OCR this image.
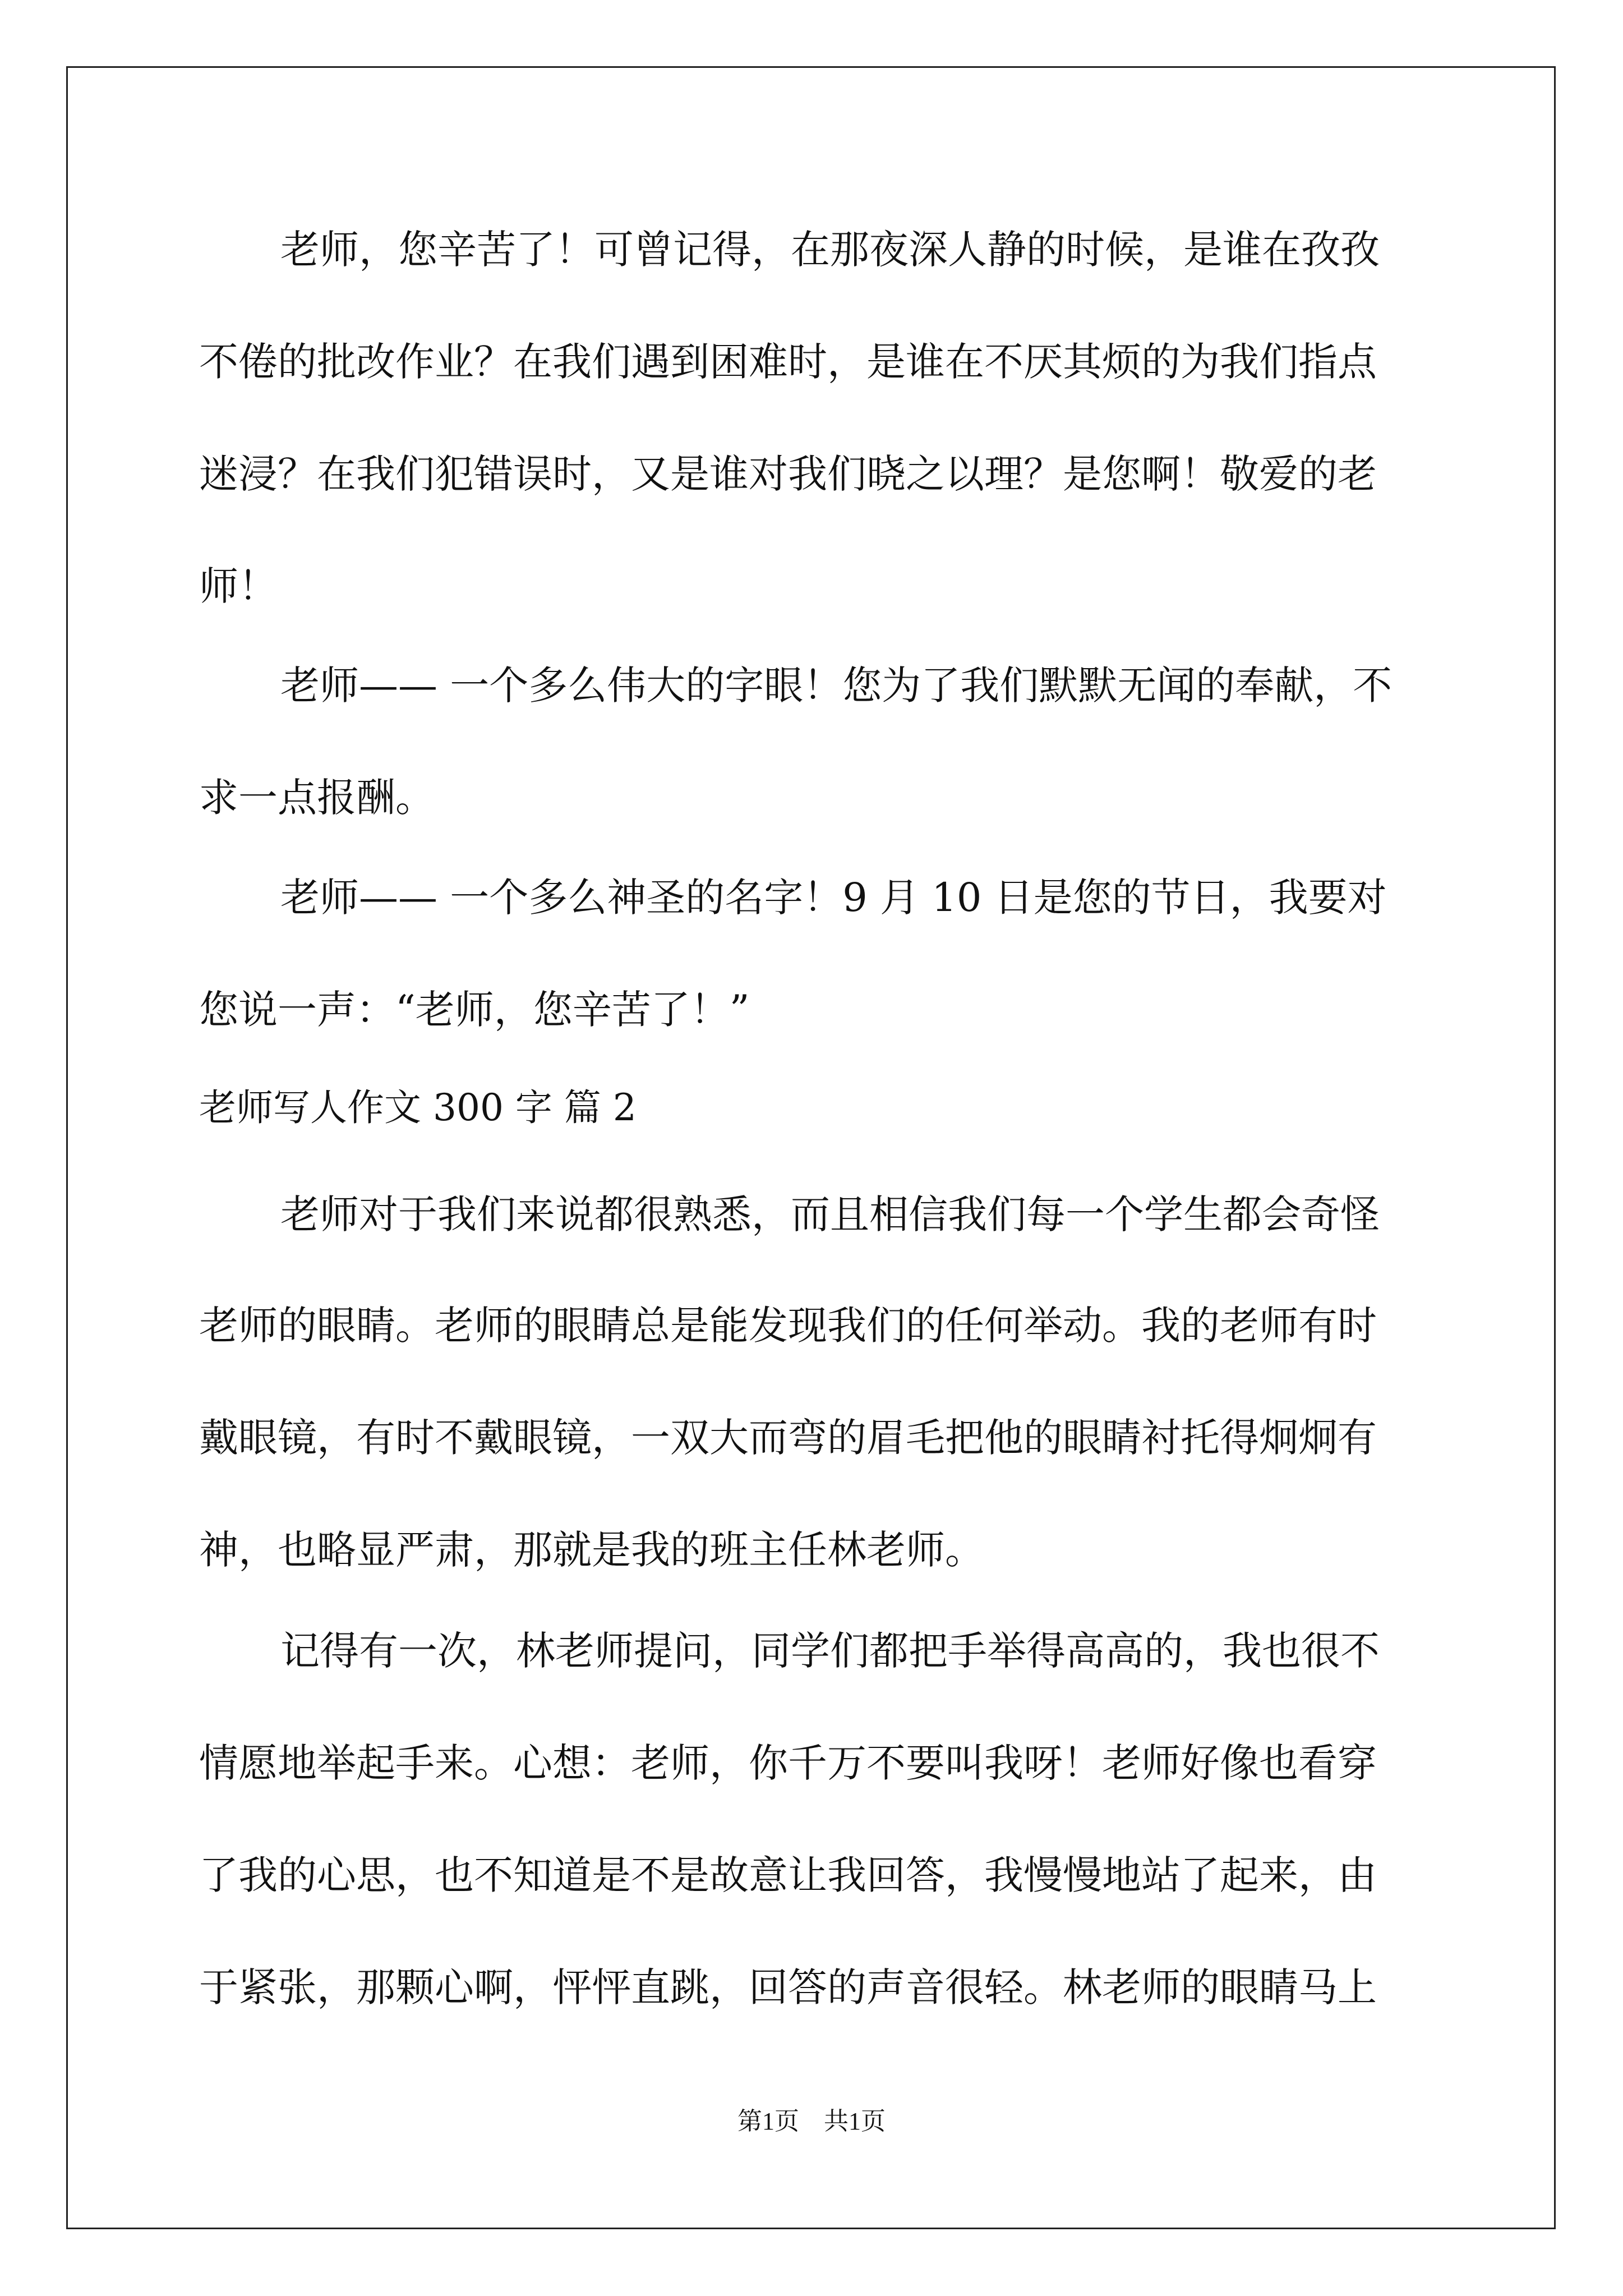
老师，您辛苦了！可曾记得，在那夜深人静的时候，是谁在孜孜
不倦的批改作业？在我们遇到困难时，是谁在不厌其烦的为我们指点
迷浸？在我们犯错误时，又是谁对我们晓之以理？是您啊！敬爱的老
师！
老师—— 一个多么伟大的字眼！您为了我们默默无闻的奉献，不
求一点报酬。
老师—— 一个多么神圣的名字！9 月 10 日是您的节日，我要对
您说一声：“老师，您辛苦了！”
老师写人作文 300 字 篇 2
老师对于我们来说都很熟悉，而且相信我们每一个学生都会奇怪
老师的眼睛。老师的眼睛总是能发现我们的任何举动。我的老师有时
戴眼镜，有时不戴眼镜，一双大而弯的眉毛把他的眼睛衬托得炯炯有
神，也略显严肃，那就是我的班主任林老师。
记得有一次，林老师提问，同学们都把手举得高高的，我也很不
情愿地举起手来。心想：老师，你千万不要叫我呀！老师好像也看穿
了我的心思，也不知道是不是故意让我回答，我慢慢地站了起来，由
于紧张，那颗心啊，怦怦直跳，回答的声音很轻。林老师的眼睛马上
第1页　共1页
